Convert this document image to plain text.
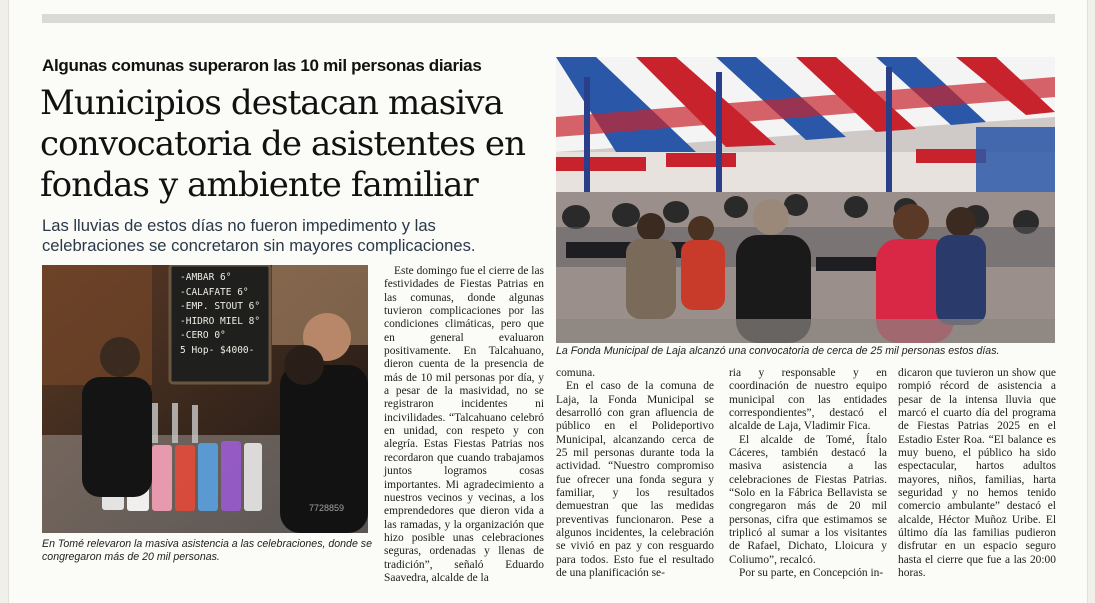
Algunas comunas superaron las 10 mil personas diarias
Municipios destacan masiva convocatoria de asistentes en fondas y ambiente familiar
Las lluvias de estos días no fueron impedimento y las celebraciones se concretaron sin mayores complicaciones.
-AMBAR 6°
-CALAFATE 6°
-EMP. STOUT 6°
-HIDRO MIEL 8°
-CERO 0°
5 Hop- $4000-
7728859
En Tomé relevaron la masiva asistencia a las celebraciones, donde se congregaron más de 20 mil personas.
La Fonda Municipal de Laja alcanzó una convocatoria de cerca de 25 mil personas estos días.

Este domingo fue el cierre de las festividades de Fiestas Patrias en las comunas, donde algunas tuvieron complicaciones por las condiciones climáticas, pero que en general evaluaron positivamente. En Talcahuano, dieron cuenta de la presencia de más de 10 mil personas por día, y a pesar de la masividad, no se registraron incidentes ni incivilidades. “Talcahuano celebró en unidad, con respeto y con alegría. Estas Fiestas Patrias nos recordaron que cuando trabajamos juntos logramos cosas importantes. Mi agradecimiento a nuestros vecinos y vecinas, a los emprendedores que dieron vida a las ramadas, y la organización que hizo posible unas celebraciones seguras, ordenadas y llenas de tradición”, señaló Eduardo Saavedra, alcalde de la

comuna.

En el caso de la comuna de Laja, la Fonda Municipal se desarrolló con gran afluencia de público en el Polideportivo Municipal, alcanzando cerca de 25 mil personas durante toda la actividad. “Nuestro compromiso fue ofrecer una fonda segura y familiar, y los resultados demuestran que las medidas preventivas funcionaron. Pese a algunos incidentes, la celebración se vivió en paz y con resguardo para todos. Esto fue el resultado de una planificación se-

ria y responsable y en coordinación de nuestro equipo municipal con las entidades correspondientes”, destacó el alcalde de Laja, Vladimir Fica.

El alcalde de Tomé, Ítalo Cáceres, también destacó la masiva asistencia a las celebraciones de Fiestas Patrias. “Solo en la Fábrica Bellavista se congregaron más de 20 mil personas, cifra que estimamos se triplicó al sumar a los visitantes de Rafael, Dichato, Lloicura y Coliumo”, recalcó.

Por su parte, en Concepción in-

dicaron que tuvieron un show que rompió récord de asistencia a pesar de la intensa lluvia que marcó el cuarto día del programa de Fiestas Patrias 2025 en el Estadio Ester Roa. “El balance es muy bueno, el público ha sido espectacular, hartos adultos mayores, niños, familias, harta seguridad y no hemos tenido comercio ambulante” destacó el alcalde, Héctor Muñoz Uribe. El último día las familias pudieron disfrutar en un espacio seguro hasta el cierre que fue a las 20:00 horas.
